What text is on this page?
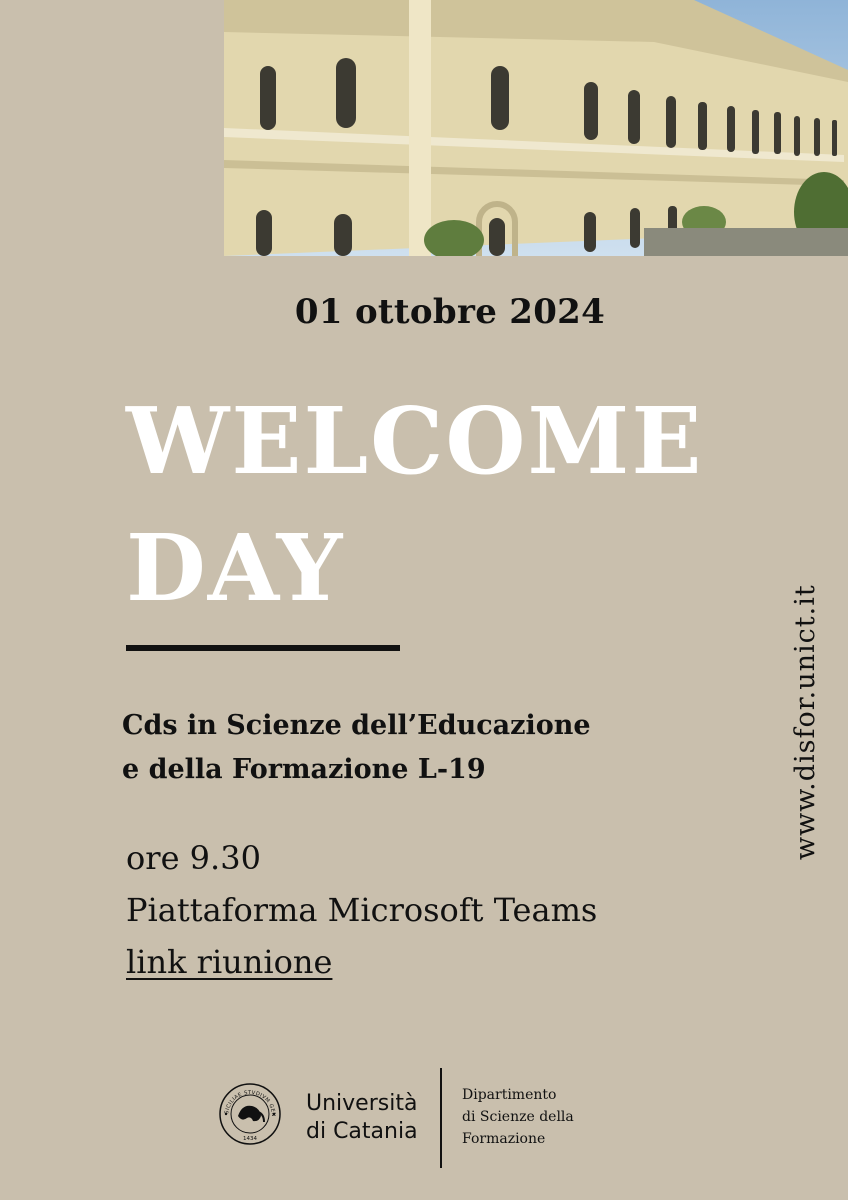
01 ottobre 2024
WELCOME
DAY
Cds in Scienze dell’Educazione
e della Formazione L-19
ore 9.30
Piattaforma Microsoft Teams
link riunione
www.disfor.unict.it
SICILIAE STVDIVM GEN
1434
Università
di Catania
Dipartimento
di Scienze della
Formazione
